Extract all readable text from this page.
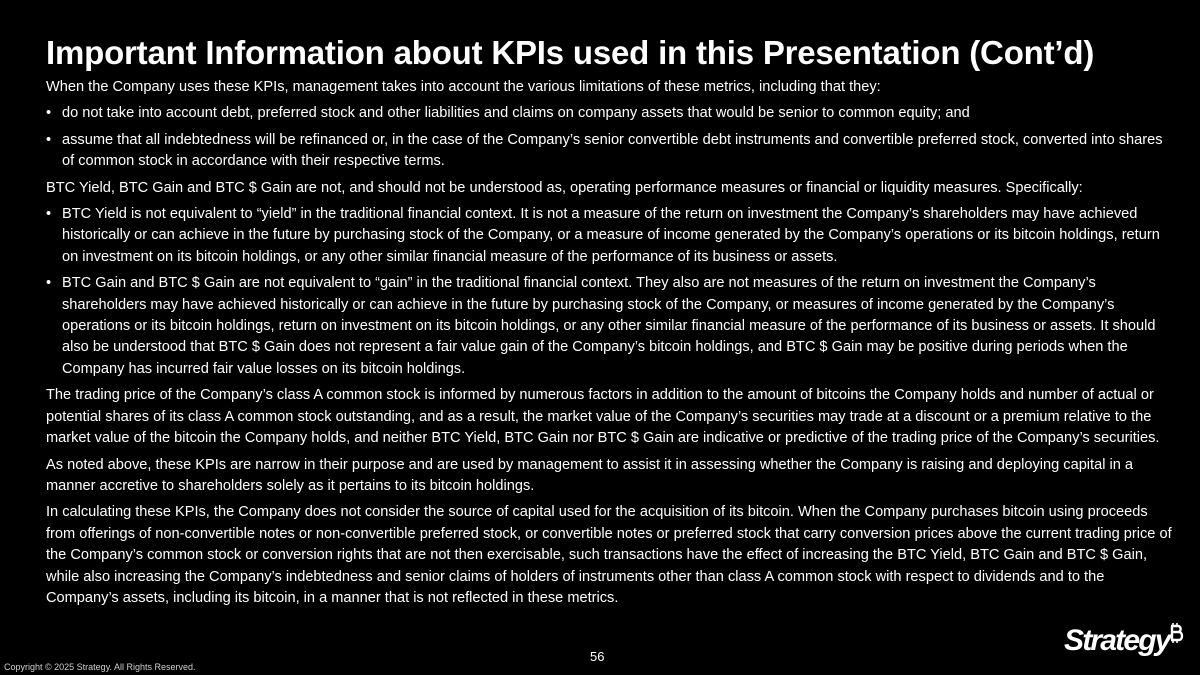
Important Information about KPIs used in this Presentation (Cont’d)

When the Company uses these KPIs, management takes into account the various limitations of these metrics, including that they:

• do not take into account debt, preferred stock and other liabilities and claims on company assets that would be senior to common equity; and
• assume that all indebtedness will be refinanced or, in the case of the Company’s senior convertible debt instruments and convertible preferred stock, converted into shares of common stock in accordance with their respective terms.

BTC Yield, BTC Gain and BTC $ Gain are not, and should not be understood as, operating performance measures or financial or liquidity measures. Specifically:

• BTC Yield is not equivalent to “yield” in the traditional financial context. It is not a measure of the return on investment the Company’s shareholders may have achieved historically or can achieve in the future by purchasing stock of the Company, or a measure of income generated by the Company’s operations or its bitcoin holdings, return on investment on its bitcoin holdings, or any other similar financial measure of the performance of its business or assets.
• BTC Gain and BTC $ Gain are not equivalent to “gain” in the traditional financial context. They also are not measures of the return on investment the Company’s shareholders may have achieved historically or can achieve in the future by purchasing stock of the Company, or measures of income generated by the Company’s operations or its bitcoin holdings, return on investment on its bitcoin holdings, or any other similar financial measure of the performance of its business or assets. It should also be understood that BTC $ Gain does not represent a fair value gain of the Company’s bitcoin holdings, and BTC $ Gain may be positive during periods when the Company has incurred fair value losses on its bitcoin holdings.

The trading price of the Company’s class A common stock is informed by numerous factors in addition to the amount of bitcoins the Company holds and number of actual or potential shares of its class A common stock outstanding, and as a result, the market value of the Company’s securities may trade at a discount or a premium relative to the market value of the bitcoin the Company holds, and neither BTC Yield, BTC Gain nor BTC $ Gain are indicative or predictive of the trading price of the Company’s securities.

As noted above, these KPIs are narrow in their purpose and are used by management to assist it in assessing whether the Company is raising and deploying capital in a manner accretive to shareholders solely as it pertains to its bitcoin holdings.

In calculating these KPIs, the Company does not consider the source of capital used for the acquisition of its bitcoin. When the Company purchases bitcoin using proceeds from offerings of non-convertible notes or non-convertible preferred stock, or convertible notes or preferred stock that carry conversion prices above the current trading price of the Company’s common stock or conversion rights that are not then exercisable, such transactions have the effect of increasing the BTC Yield, BTC Gain and BTC $ Gain, while also increasing the Company’s indebtedness and senior claims of holders of instruments other than class A common stock with respect to dividends and to the Company’s assets, including its bitcoin, in a manner that is not reflected in these metrics.

56
Copyright © 2025 Strategy. All Rights Reserved.
Strategy
